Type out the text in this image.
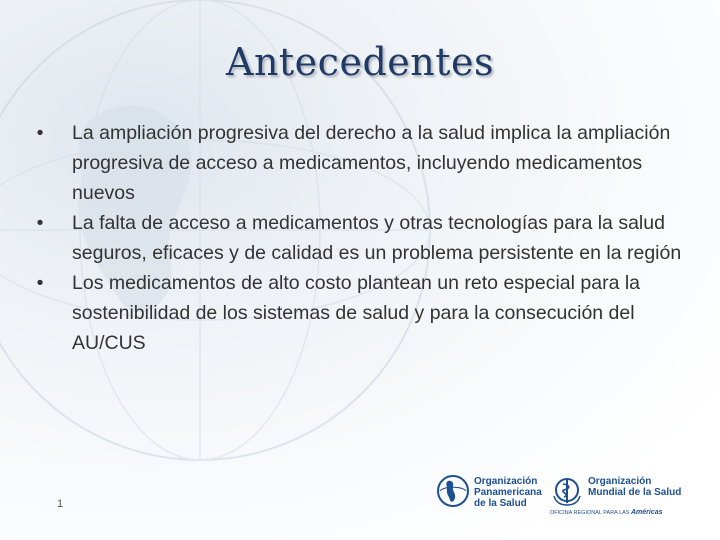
Antecedentes
•	La ampliación progresiva del derecho a la salud implica la ampliación progresiva de acceso a medicamentos, incluyendo medicamentos nuevos
•	La falta de acceso a medicamentos y otras tecnologías para la salud seguros, eficaces y de calidad es un problema persistente en la región
•	Los medicamentos de alto costo plantean un reto especial para la sostenibilidad de los sistemas de salud y para la consecución del AU/CUS
1
Organización
Panamericana
de la Salud
Organización
Mundial de la Salud
OFICINA REGIONAL PARA LAS Américas
